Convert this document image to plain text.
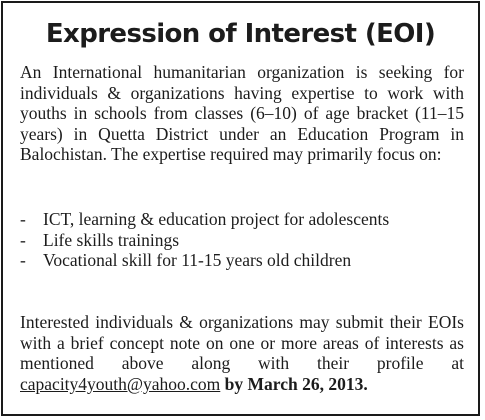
Expression of Interest (EOI)

An International humanitarian organization is seeking for individuals & organizations having expertise to work with youths in schools from classes (6–10) of age bracket (11–15 years) in Quetta District under an Education Program in Balochistan. The expertise required may primarily focus on:

- ICT, learning & education project for adolescents
- Life skills trainings
- Vocational skill for 11-15 years old children

Interested individuals & organizations may submit their EOIs with a brief concept note on one or more areas of interests as mentioned above along with their profile at capacity4youth@yahoo.com by March 26, 2013.
